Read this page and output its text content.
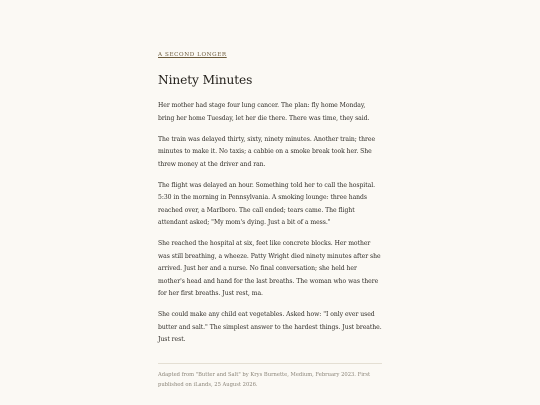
A SECOND LONGER
Ninety Minutes

Her mother had stage four lung cancer. The plan: fly home Monday, bring her home Tuesday, let her die there. There was time, they said.

The train was delayed thirty, sixty, ninety minutes. Another train; three minutes to make it. No taxis; a cabbie on a smoke break took her. She threw money at the driver and ran.

The flight was delayed an hour. Something told her to call the hospital. 5:30 in the morning in Pennsylvania. A smoking lounge: three hands reached over, a Marlboro. The call ended; tears came. The flight attendant asked; "My mom's dying. Just a bit of a mess."

She reached the hospital at six, feet like concrete blocks. Her mother was still breathing, a wheeze. Patty Wright died ninety minutes after she arrived. Just her and a nurse. No final conversation; she held her mother's head and hand for the last breaths. The woman who was there for her first breaths. Just rest, ma.

She could make any child eat vegetables. Asked how: "I only ever used butter and salt." The simplest answer to the hardest things. Just breathe. Just rest.

Adapted from "Butter and Salt" by Krys Burnette, Medium, February 2023. First published on iLands, 25 August 2026.
